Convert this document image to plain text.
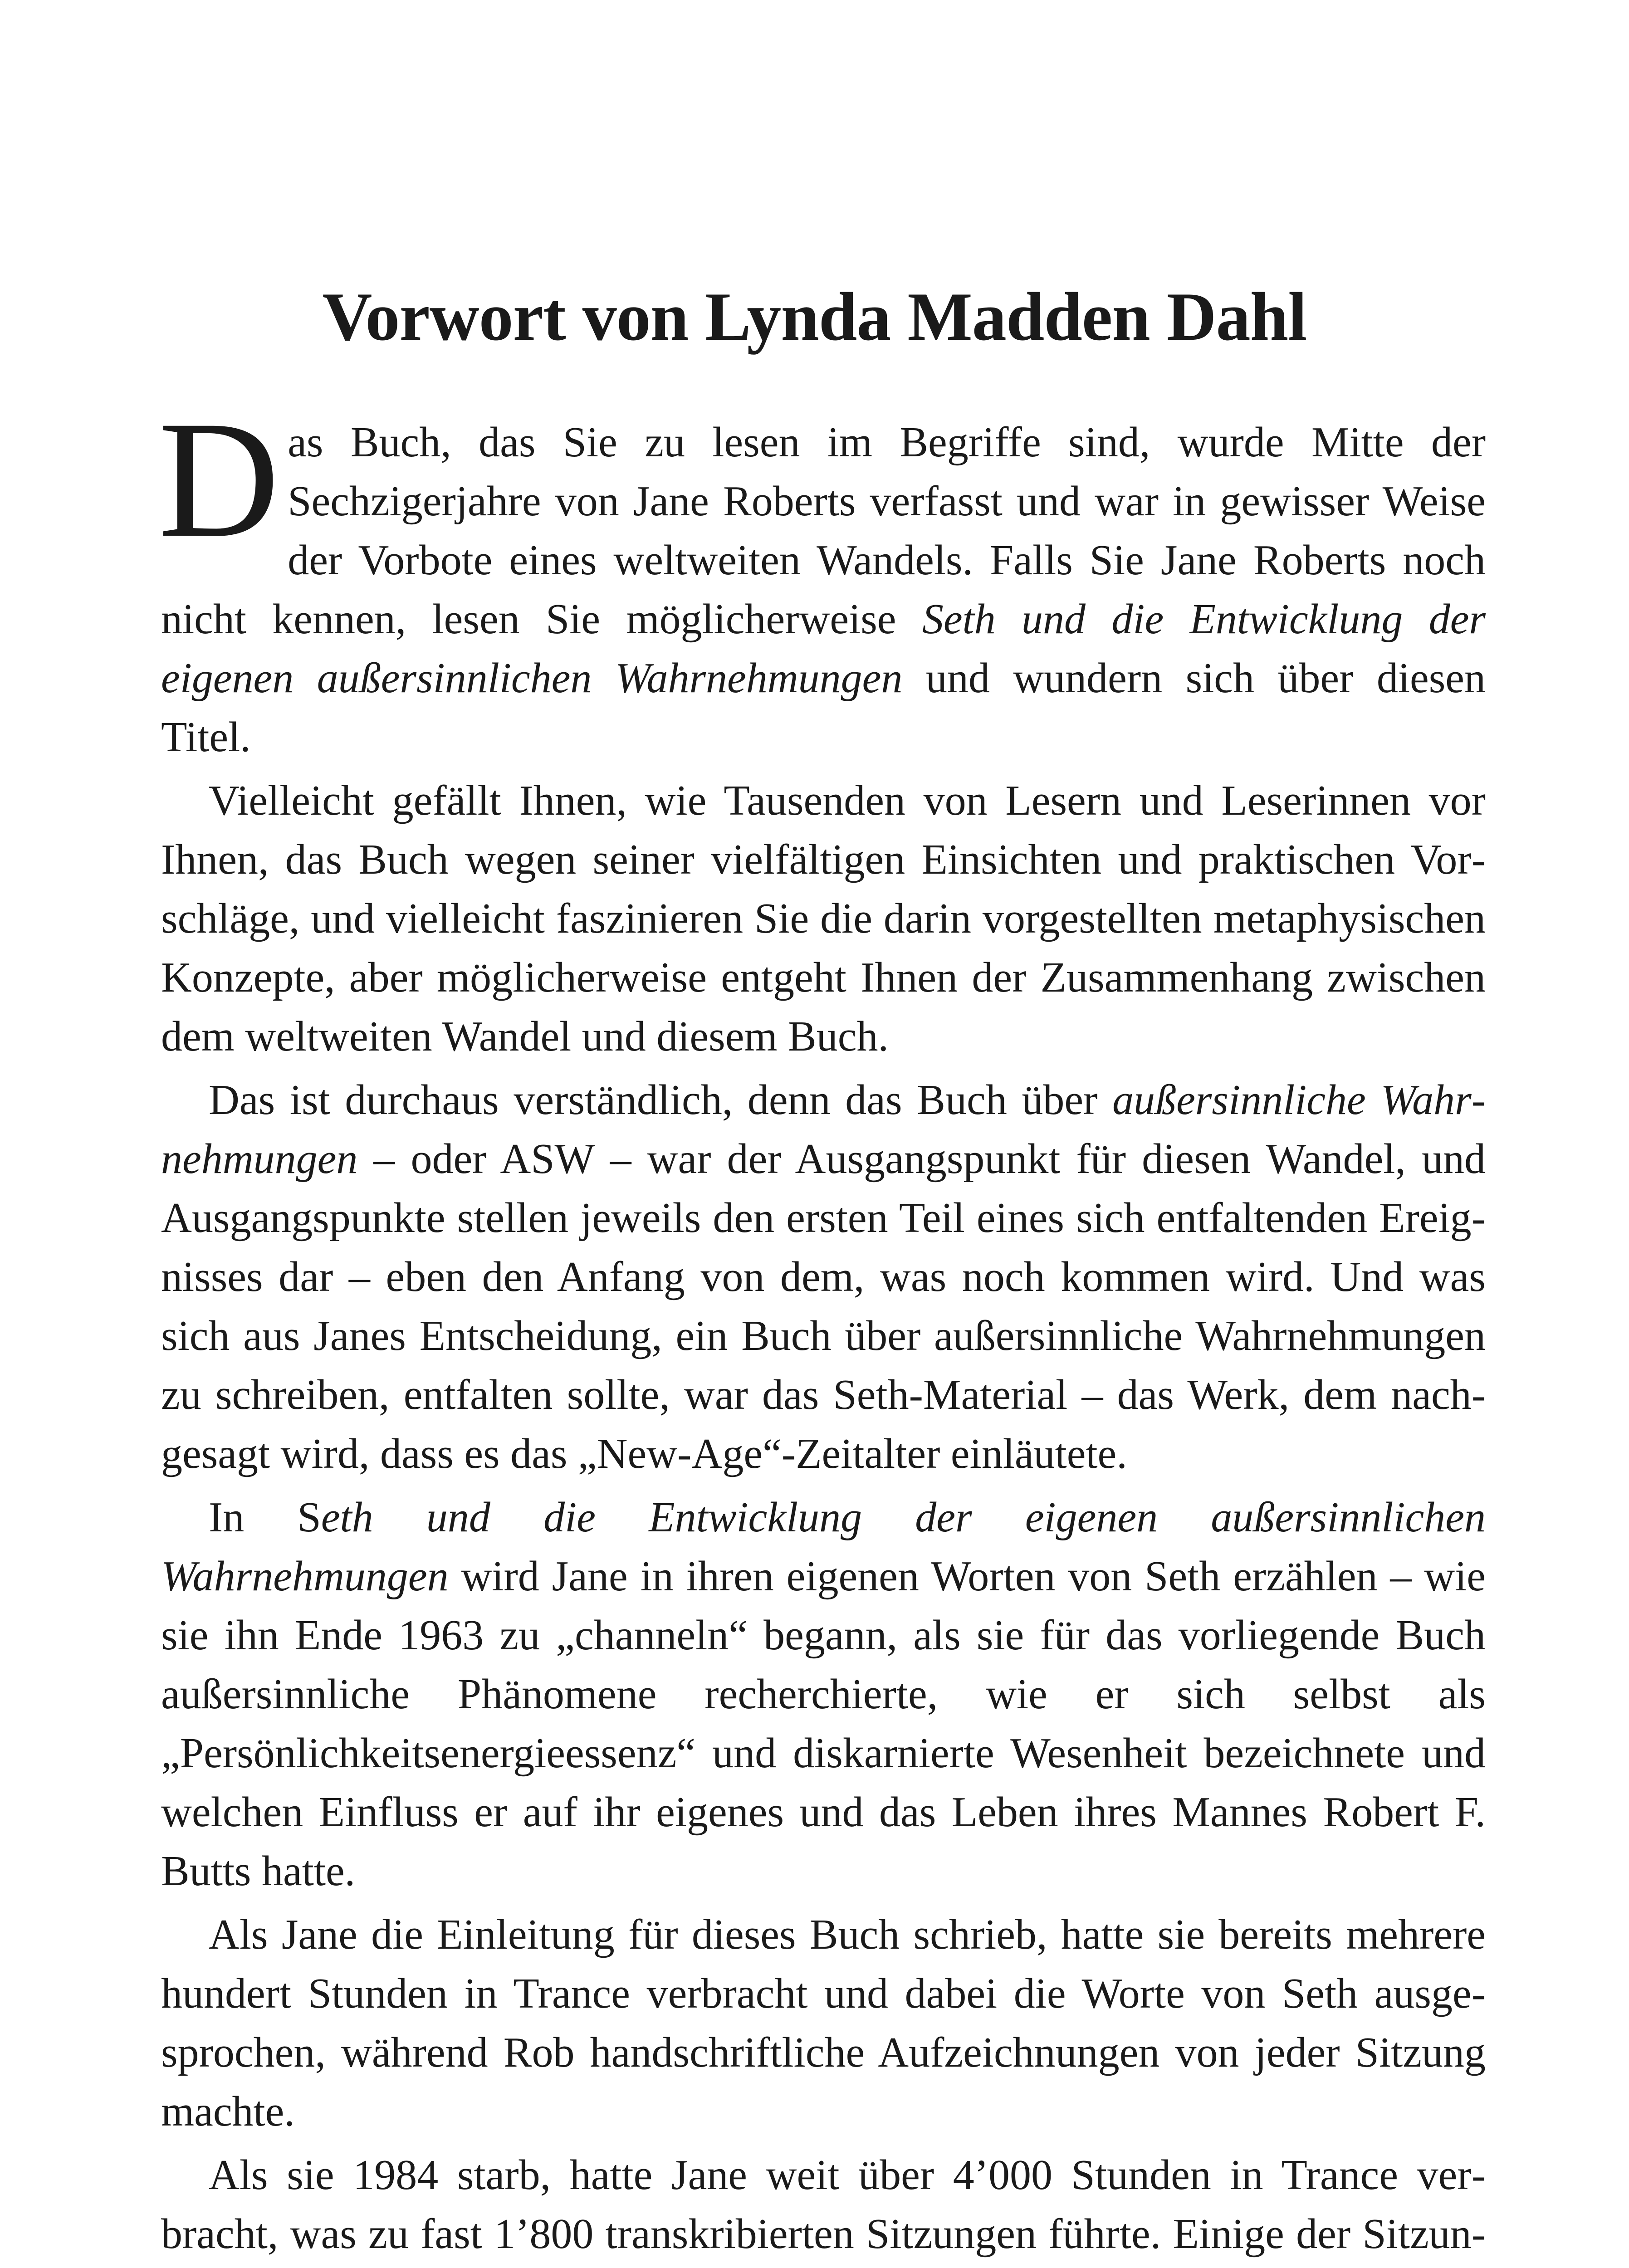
Vorwort von Lynda Madden Dahl

Das Buch, das Sie zu lesen im Begriffe sind, wurde Mitte der Sechzigerjahre von Jane Roberts verfasst und war in gewisser Weise der Vorbote eines weltweiten Wandels. Falls Sie Jane Roberts noch nicht kennen, lesen Sie möglicherweise Seth und die Entwicklung der eigenen außersinnlichen Wahrnehmungen und wundern sich über diesen Titel.

Vielleicht gefällt Ihnen, wie Tausenden von Lesern und Leserinnen vor Ihnen, das Buch wegen seiner vielfältigen Einsichten und praktischen Vorschläge, und vielleicht faszinieren Sie die darin vorgestellten metaphysischen Konzepte, aber möglicherweise entgeht Ihnen der Zusammenhang zwischen dem weltweiten Wandel und diesem Buch.

Das ist durchaus verständlich, denn das Buch über außersinnliche Wahrnehmungen – oder ASW – war der Ausgangspunkt für diesen Wandel, und Ausgangspunkte stellen jeweils den ersten Teil eines sich entfaltenden Ereignisses dar – eben den Anfang von dem, was noch kommen wird. Und was sich aus Janes Entscheidung, ein Buch über außersinnliche Wahrnehmungen zu schreiben, entfalten sollte, war das Seth-Material – das Werk, dem nachgesagt wird, dass es das „New-Age“-Zeitalter einläutete.

In Seth und die Entwicklung der eigenen außersinnlichen Wahrnehmungen wird Jane in ihren eigenen Worten von Seth erzählen – wie sie ihn Ende 1963 zu „channeln“ begann, als sie für das vorliegende Buch außersinnliche Phänomene recherchierte, wie er sich selbst als „Persönlichkeitsenergieessenz“ und diskarnierte Wesenheit bezeichnete und welchen Einfluss er auf ihr eigenes und das Leben ihres Mannes Robert F. Butts hatte.

Als Jane die Einleitung für dieses Buch schrieb, hatte sie bereits mehrere hundert Stunden in Trance verbracht und dabei die Worte von Seth ausgesprochen, während Rob handschriftliche Aufzeichnungen von jeder Sitzung machte.

Als sie 1984 starb, hatte Jane weit über 4’000 Stunden in Trance verbracht, was zu fast 1’800 transkribierten Sitzungen führte. Einige der Sitzun
